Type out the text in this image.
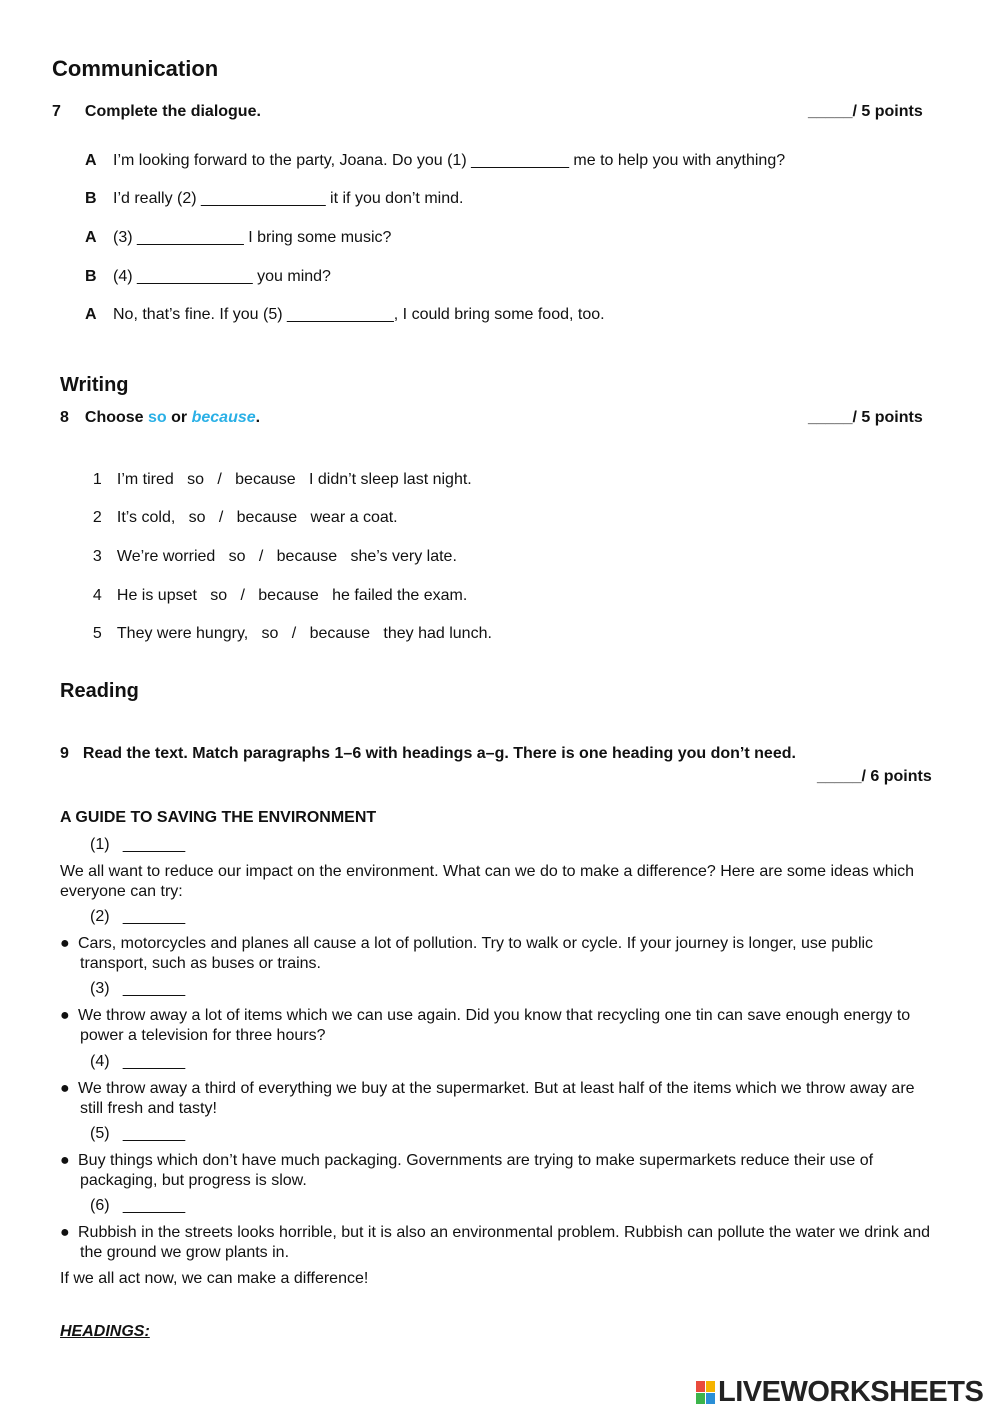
Communication
7 Complete the dialogue.	_____/ 5 points
A I’m looking forward to the party, Joana. Do you (1) ___________ me to help you with anything?
B I’d really (2) ______________ it if you don’t mind.
A (3) ____________ I bring some music?
B (4) _____________ you mind?
A No, that’s fine. If you (5) ____________, I could bring some food, too.
Writing
8 Choose so or because.	_____/ 5 points

1 I’m tired   so   /   because   I didn’t sleep last night.

2 It’s cold,   so   /   because   wear a coat.

3 We’re worried   so   /   because   she’s very late.

4 He is upset   so   /   because   he failed the exam.

5 They were hungry,   so   /   because   they had lunch.

Reading
9 Read the text. Match paragraphs 1–6 with headings a–g. There is one heading you don’t need.
_____/ 6 points
A GUIDE TO SAVING THE ENVIRONMENT
(1)   _______
We all want to reduce our impact on the environment. What can we do to make a difference? Here are some ideas which everyone can try:
(2)   _______
● Cars, motorcycles and planes all cause a lot of pollution. Try to walk or cycle. If your journey is longer, use public transport, such as buses or trains.
(3)   _______
● We throw away a lot of items which we can use again. Did you know that recycling one tin can save enough energy to power a television for three hours?
(4)   _______
● We throw away a third of everything we buy at the supermarket. But at least half of the items which we throw away are still fresh and tasty!
(5)   _______
● Buy things which don’t have much packaging. Governments are trying to make supermarkets reduce their use of packaging, but progress is slow.
(6)   _______
● Rubbish in the streets looks horrible, but it is also an environmental problem. Rubbish can pollute the water we drink and the ground we grow plants in.
If we all act now, we can make a difference!
HEADINGS:
LIVEWORKSHEETS
